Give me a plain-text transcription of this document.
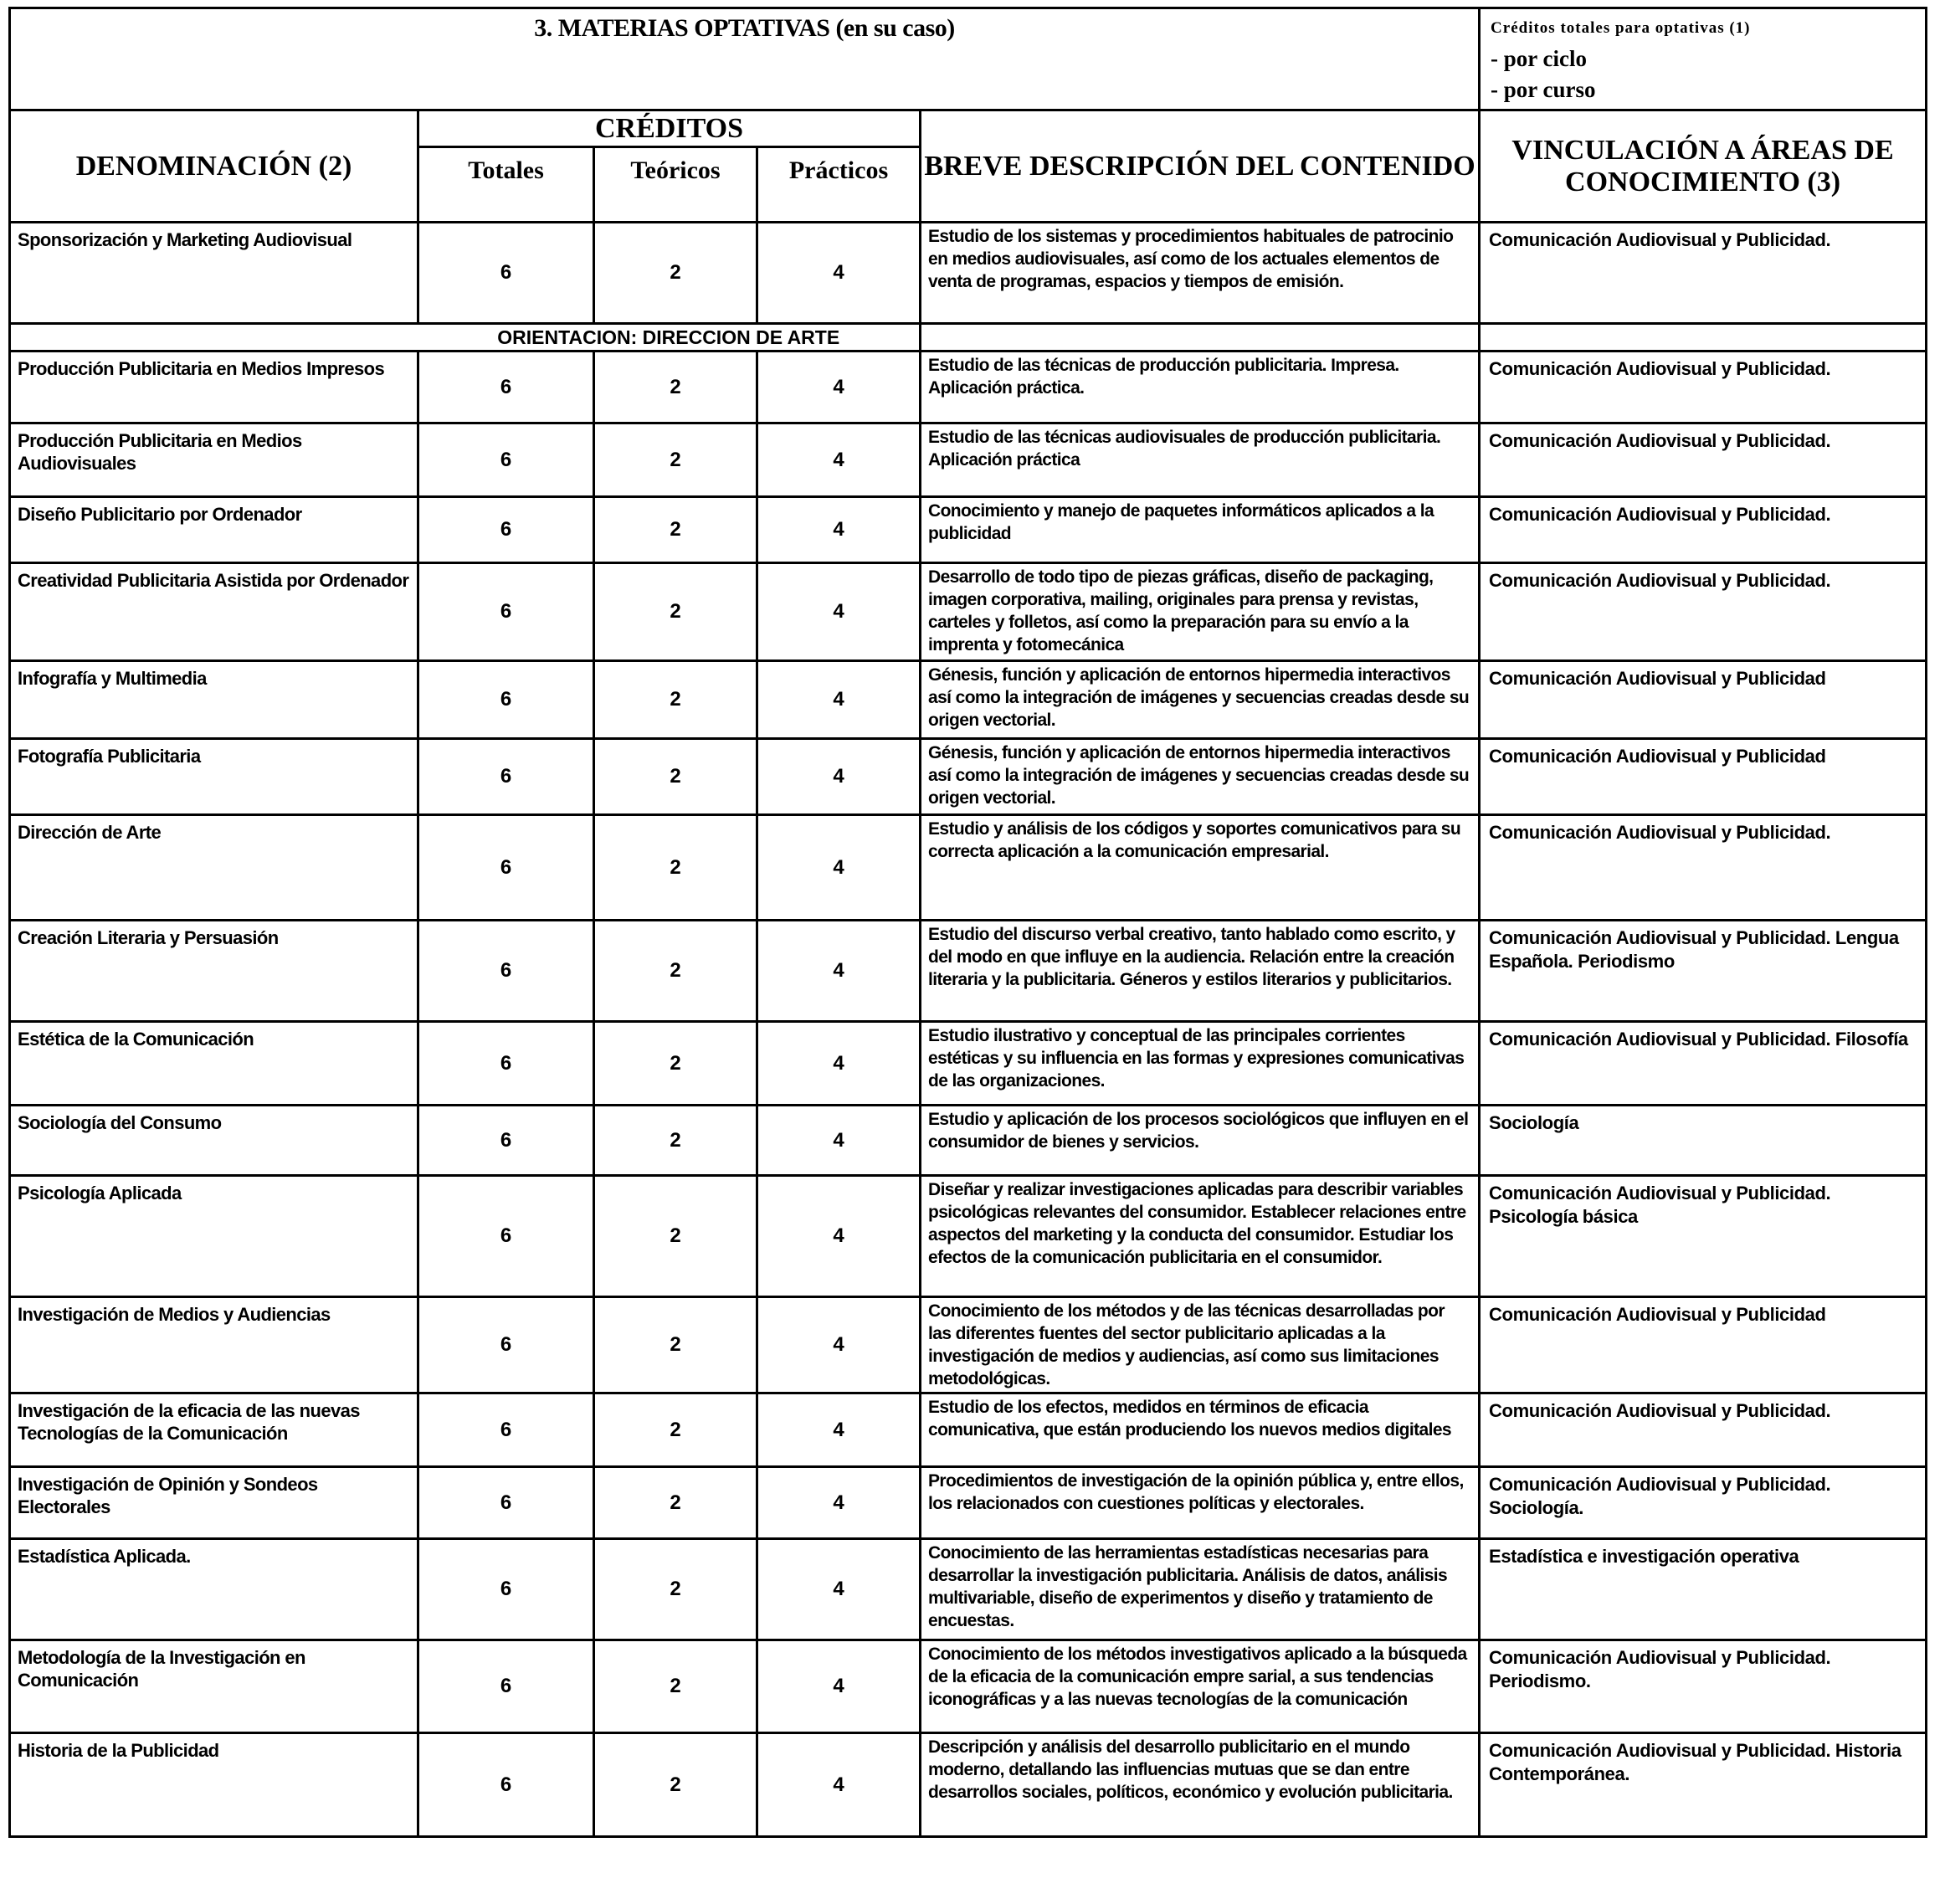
3. MATERIAS OPTATIVAS (en su caso)					Créditos totales para optativas (1)
- por ciclo
- por curso

DENOMINACIÓN (2)	CRÉDITOS			BREVE DESCRIPCIÓN DEL CONTENIDO	VINCULACIÓN A ÁREAS DE CONOCIMIENTO (3)
	Totales	Teóricos	Prácticos		
Sponsorización y Marketing Audiovisual	6	2	4	Estudio de los sistemas y procedimientos habituales de patrocinio en medios audiovisuales, así como de los actuales elementos de venta de programas, espacios y tiempos de emisión.	Comunicación Audiovisual y Publicidad.
	ORIENTACION: DIRECCION DE ARTE				
Producción Publicitaria en Medios Impresos	6	2	4	Estudio de las técnicas de producción publicitaria. Impresa. Aplicación práctica.	Comunicación Audiovisual y Publicidad.
Producción Publicitaria en Medios Audiovisuales	6	2	4	Estudio de las técnicas audiovisuales de producción publicitaria. Aplicación práctica	Comunicación Audiovisual y Publicidad.
Diseño Publicitario por Ordenador	6	2	4	Conocimiento y manejo de paquetes informáticos aplicados a la publicidad	Comunicación Audiovisual y Publicidad.
Creatividad Publicitaria Asistida por Ordenador	6	2	4	Desarrollo de todo tipo de piezas gráficas, diseño de packaging, imagen corporativa, mailing, originales para prensa y revistas, carteles y folletos, así como la preparación para su envío a la imprenta y fotomecánica	Comunicación Audiovisual y Publicidad.
Infografía y Multimedia	6	2	4	Génesis, función y aplicación de entornos hipermedia interactivos así como la integración de imágenes y secuencias creadas desde su origen vectorial.	Comunicación Audiovisual y Publicidad
Fotografía Publicitaria	6	2	4	Génesis, función y aplicación de entornos hipermedia interactivos así como la integración de imágenes y secuencias creadas desde su origen vectorial.	Comunicación Audiovisual y Publicidad
Dirección de Arte	6	2	4	Estudio y análisis de los códigos y soportes comunicativos para su correcta aplicación a la comunicación empresarial.	Comunicación Audiovisual y Publicidad.
Creación Literaria y Persuasión	6	2	4	Estudio del discurso verbal creativo, tanto hablado como escrito, y del modo en que influye en la audiencia. Relación entre la creación literaria y la publicitaria. Géneros y estilos literarios y publicitarios.	Comunicación Audiovisual y Publicidad. Lengua Española. Periodismo
Estética de la Comunicación	6	2	4	Estudio ilustrativo y conceptual de las principales corrientes estéticas y su influencia en las formas y expresiones comunicativas de las organizaciones.	Comunicación Audiovisual y Publicidad. Filosofía
Sociología del Consumo	6	2	4	Estudio y aplicación de los procesos sociológicos que influyen en el consumidor de bienes y servicios.	Sociología
Psicología Aplicada	6	2	4	Diseñar y realizar investigaciones aplicadas para describir variables psicológicas relevantes del consumidor. Establecer relaciones entre aspectos del marketing y la conducta del consumidor. Estudiar los efectos de la comunicación publicitaria en el consumidor.	Comunicación Audiovisual y Publicidad. Psicología básica
Investigación de Medios y Audiencias	6	2	4	Conocimiento de los métodos y de las técnicas desarrolladas por las diferentes fuentes del sector publicitario aplicadas a la investigación de medios y audiencias, así como sus limitaciones metodológicas.	Comunicación Audiovisual y Publicidad
Investigación de la eficacia de las nuevas Tecnologías de la Comunicación	6	2	4	Estudio de los efectos, medidos en términos de eficacia comunicativa, que están produciendo los nuevos medios digitales	Comunicación Audiovisual y Publicidad.
Investigación de Opinión y Sondeos Electorales	6	2	4	Procedimientos de investigación de la opinión pública y, entre ellos, los relacionados con cuestiones políticas y electorales.	Comunicación Audiovisual y Publicidad. Sociología.
Estadística Aplicada.	6	2	4	Conocimiento de las herramientas estadísticas necesarias para desarrollar la investigación publicitaria. Análisis de datos, análisis multivariable, diseño de experimentos y diseño y tratamiento de encuestas.	Estadística e investigación operativa
Metodología de la Investigación en Comunicación	6	2	4	Conocimiento de los métodos investigativos aplicado a la búsqueda de la eficacia de la comunicación empre sarial, a sus tendencias iconográficas y a las nuevas tecnologías de la comunicación	Comunicación Audiovisual y Publicidad. Periodismo.
Historia de la Publicidad	6	2	4	Descripción y análisis del desarrollo publicitario en el mundo moderno, detallando las influencias mutuas que se dan entre desarrollos sociales, políticos, económico y evolución publicitaria.	Comunicación Audiovisual y Publicidad. Historia Contemporánea.
